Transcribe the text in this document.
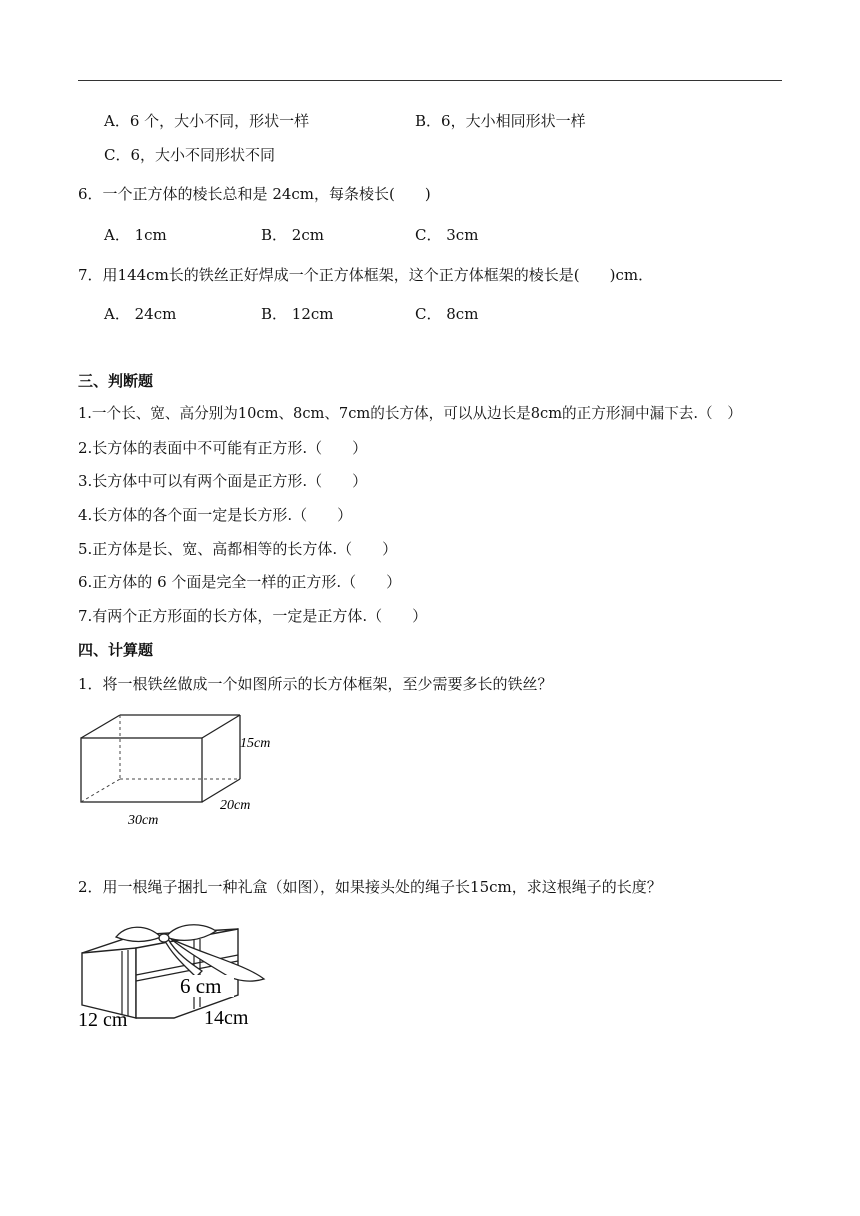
A．6 个，大小不同，形状一样	B．6，大小相同形状一样
C．6，大小不同形状不同
6．一个正方体的棱长总和是 24cm，每条棱长(　　)
A． 1cm	B． 2cm	C． 3cm
7．用144cm长的铁丝正好焊成一个正方体框架，这个正方体框架的棱长是(　　)cm．
A． 24cm	B． 12cm	C． 8cm
三、判断题
1.一个长、宽、高分别为10cm、8cm、7cm的长方体，可以从边长是8cm的正方形洞中漏下去.（　）
2.长方体的表面中不可能有正方形.（　　）
3.长方体中可以有两个面是正方形.（　　）
4.长方体的各个面一定是长方形.（　　）
5.正方体是长、宽、高都相等的长方体.（　　）
6.正方体的 6 个面是完全一样的正方形.（　　）
7.有两个正方形面的长方体，一定是正方体.（　　）
四、计算题
1．将一根铁丝做成一个如图所示的长方体框架，至少需要多长的铁丝？
15cm
20cm
30cm
2．用一根绳子捆扎一种礼盒（如图），如果接头处的绳子长15cm，求这根绳子的长度？
6 cm
12 cm	14cm
